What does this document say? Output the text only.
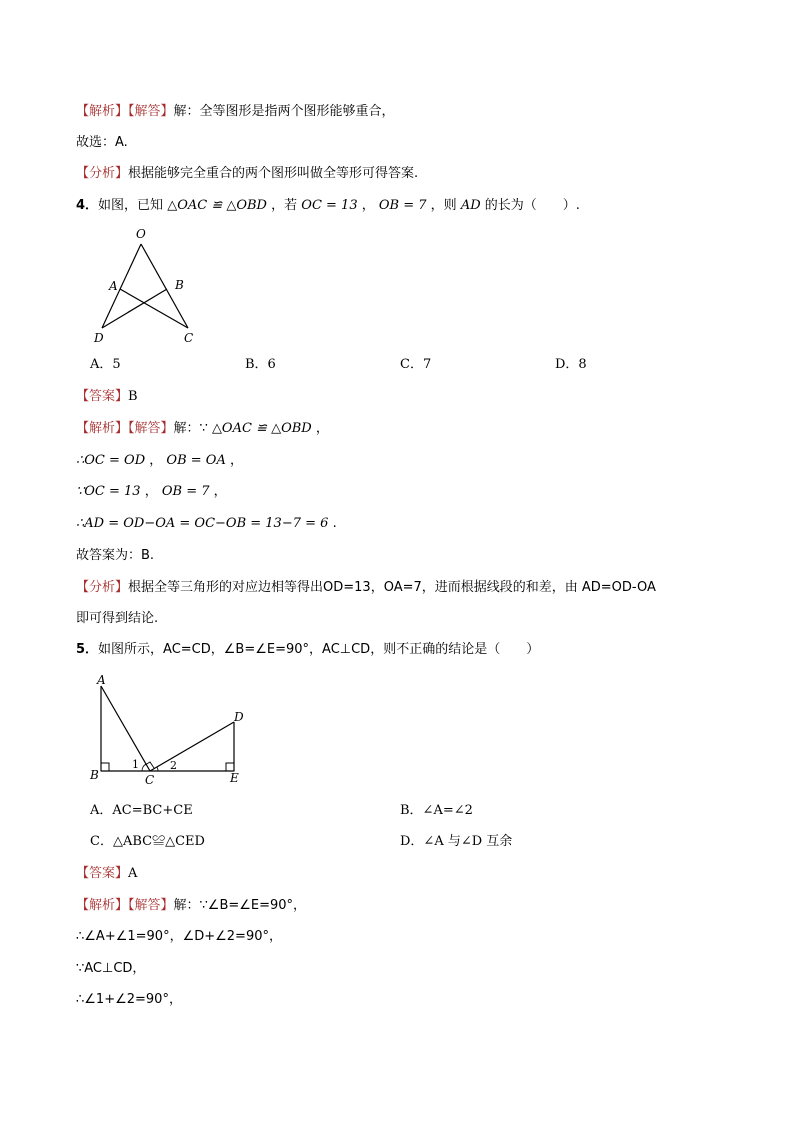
【解析】【解答】解：全等图形是指两个图形能够重合，
故选：A.
【分析】根据能够完全重合的两个图形叫做全等形可得答案.
4．如图，已知 △OAC ≌ △OBD ，若 OC = 13 ， OB = 7 ，则 AD 的长为（　　）.
O
A	B
D	C
A．5	B．6	C．7	D．8
【答案】B
【解析】【解答】解：∵ △OAC ≌ △OBD ，
∴OC = OD ， OB = OA ，
∵OC = 13 ， OB = 7 ，
∴AD = OD−OA = OC−OB = 13−7 = 6 .
故答案为：B.
【分析】根据全等三角形的对应边相等得出OD=13，OA=7，进而根据线段的和差，由 AD=OD-OA
即可得到结论.
5．如图所示，AC=CD，∠B=∠E=90°，AC⊥CD，则不正确的结论是（　　）
A
B	C
D
E
1	2
A．AC=BC+CE	B．∠A=∠2
C．△ABC≌△CED	D．∠A 与∠D 互余
【答案】A
【解析】【解答】解：∵∠B=∠E=90°，
∴∠A+∠1=90°，∠D+∠2=90°，
∵AC⊥CD，
∴∠1+∠2=90°，
